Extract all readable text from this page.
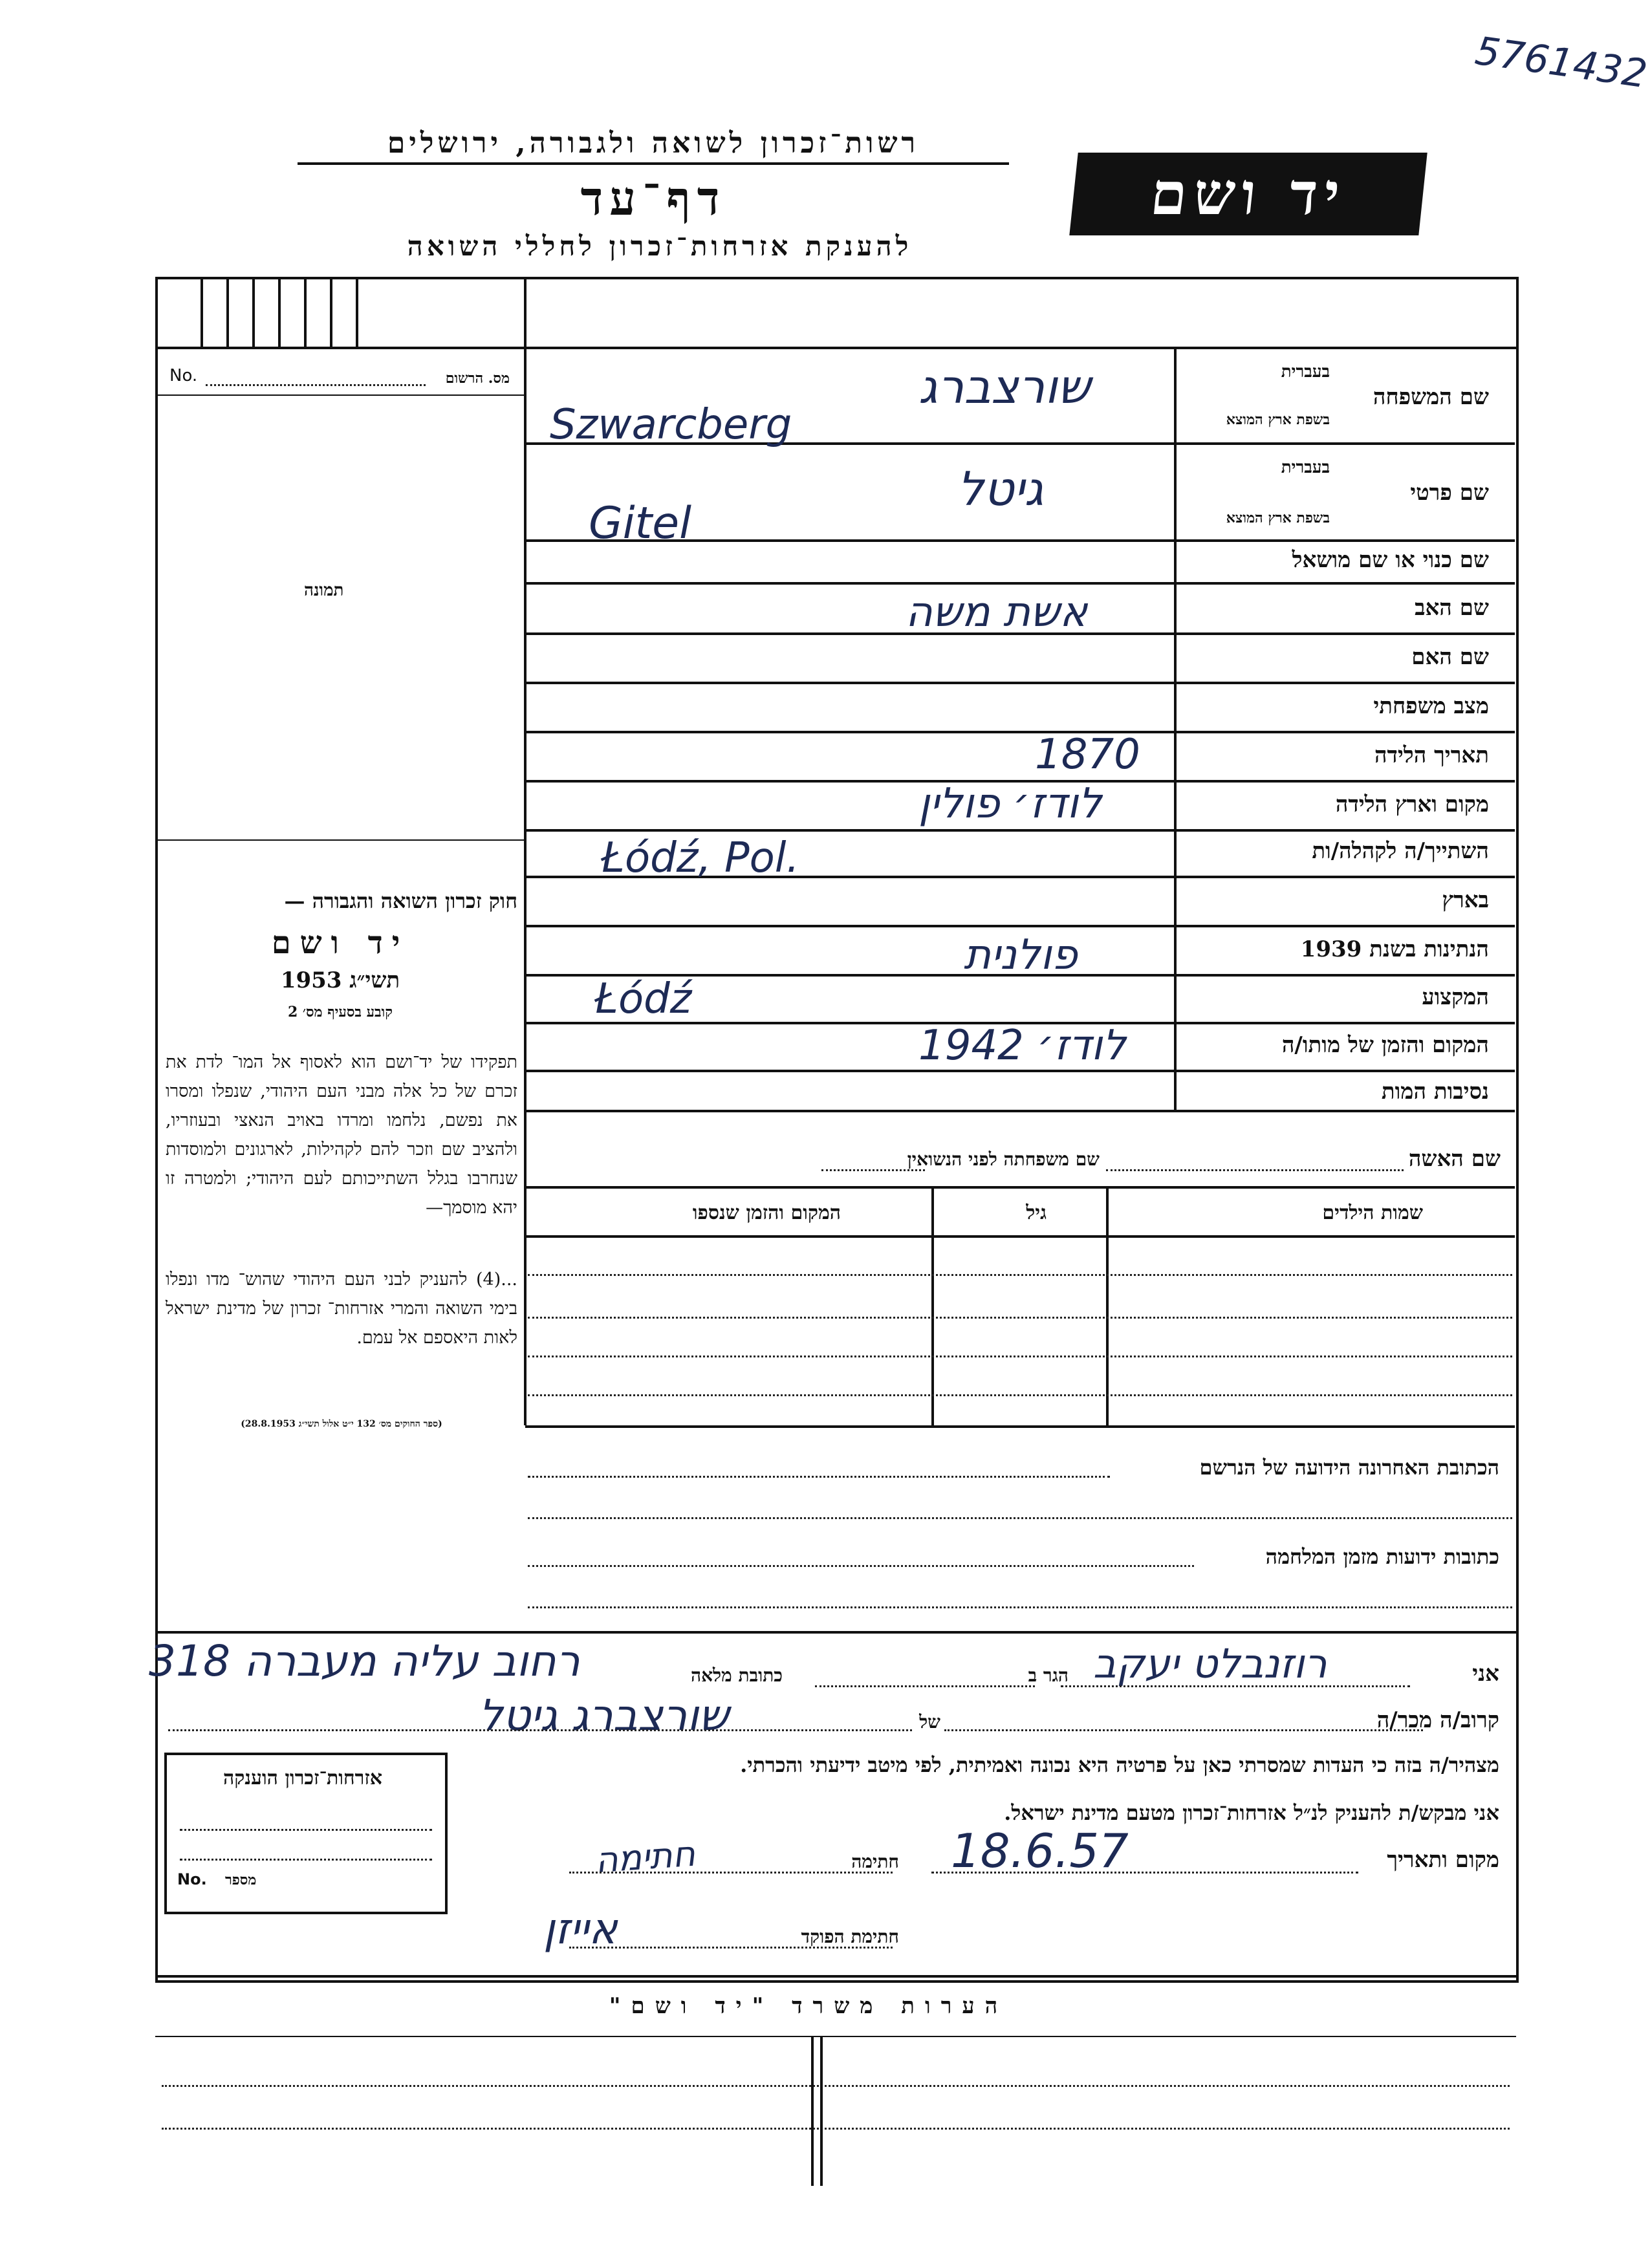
5761432
רשות־זכרון לשואה ולגבורה, ירושלים
דף־עד
להענקת אזרחות־זכרון לחללי השואה
יד ושם
No.	מס. הרשום
תמונה
חוק זכרון השואה והגבורה —
יד ושם
תשי״ג 1953
קובע בסעיף מס׳ 2
תפקידו של יד־ושם הוא לאסוף אל המו־ לדת את זכרם של כל אלה מבני העם היהודי, שנפלו ומסרו את נפשם, נלחמו ומרדו באויב הנאצי ובעוזריו, ולהציב שם וזכר להם לקהילות, לארגונים ולמוסדות שנחרבו בגלל השתייכותם לעם היהודי; ולמטרה זו יהא מוסמך—
...(4) להעניק לבני העם היהודי שהוש־ מדו ונפלו בימי השואה והמרי אזרחות־ זכרון של מדינת ישראל לאות היאספם אל עמם.
(ספר החוקים מס׳ 132 י״ט אלול תשי״ג 28.8.1953)
שם המשפחה
בעברית
בשפת ארץ המוצא
שם פרטי
בעברית
בשפת ארץ המוצא
שם כנוי או שם מושאל
שם האב
שם האם
מצב משפחתי
תאריך הלידה
מקום וארץ הלידה
השתייך/ה לקהלה/ות
בארץ
הנתינות בשנת 1939
המקצוע
המקום והזמן של מותו/ה
נסיבות המות
שורצברג
Szwarcberg
גיטל
Gitel
אשת משה
1870
לודז׳ פולין
Łódź, Pol.
פולנית
Łódź
לודז׳ 1942
שם האשה
שם משפחתה לפני הנשואין
שמות הילדים
גיל
המקום והזמן שנספו
הכתובת האחרונה הידועה של הנרשם
כתובות ידועות מזמן המלחמה
אני
רוזנבלט יעקב
הגר ב
רחוב עליה מעברה 318	כתובת מלאה
קרוב/ה מכר/ה
של
שורצברג גיטל
מצהיר/ה בזה כי העדות שמסרתי כאן על פרטיה היא נכונה ואמיתית, לפי מיטב ידיעתי והכרתי.
אני מבקש/ת להעניק לנ״ל אזרחות־זכרון מטעם מדינת ישראל.
מקום ותאריך
18.6.57
חתימה
חתימה
חתימת הפוקד
אייזן
אזרחות־זכרון הוענקה
No. מספר
הערות משרד "יד ושם"
